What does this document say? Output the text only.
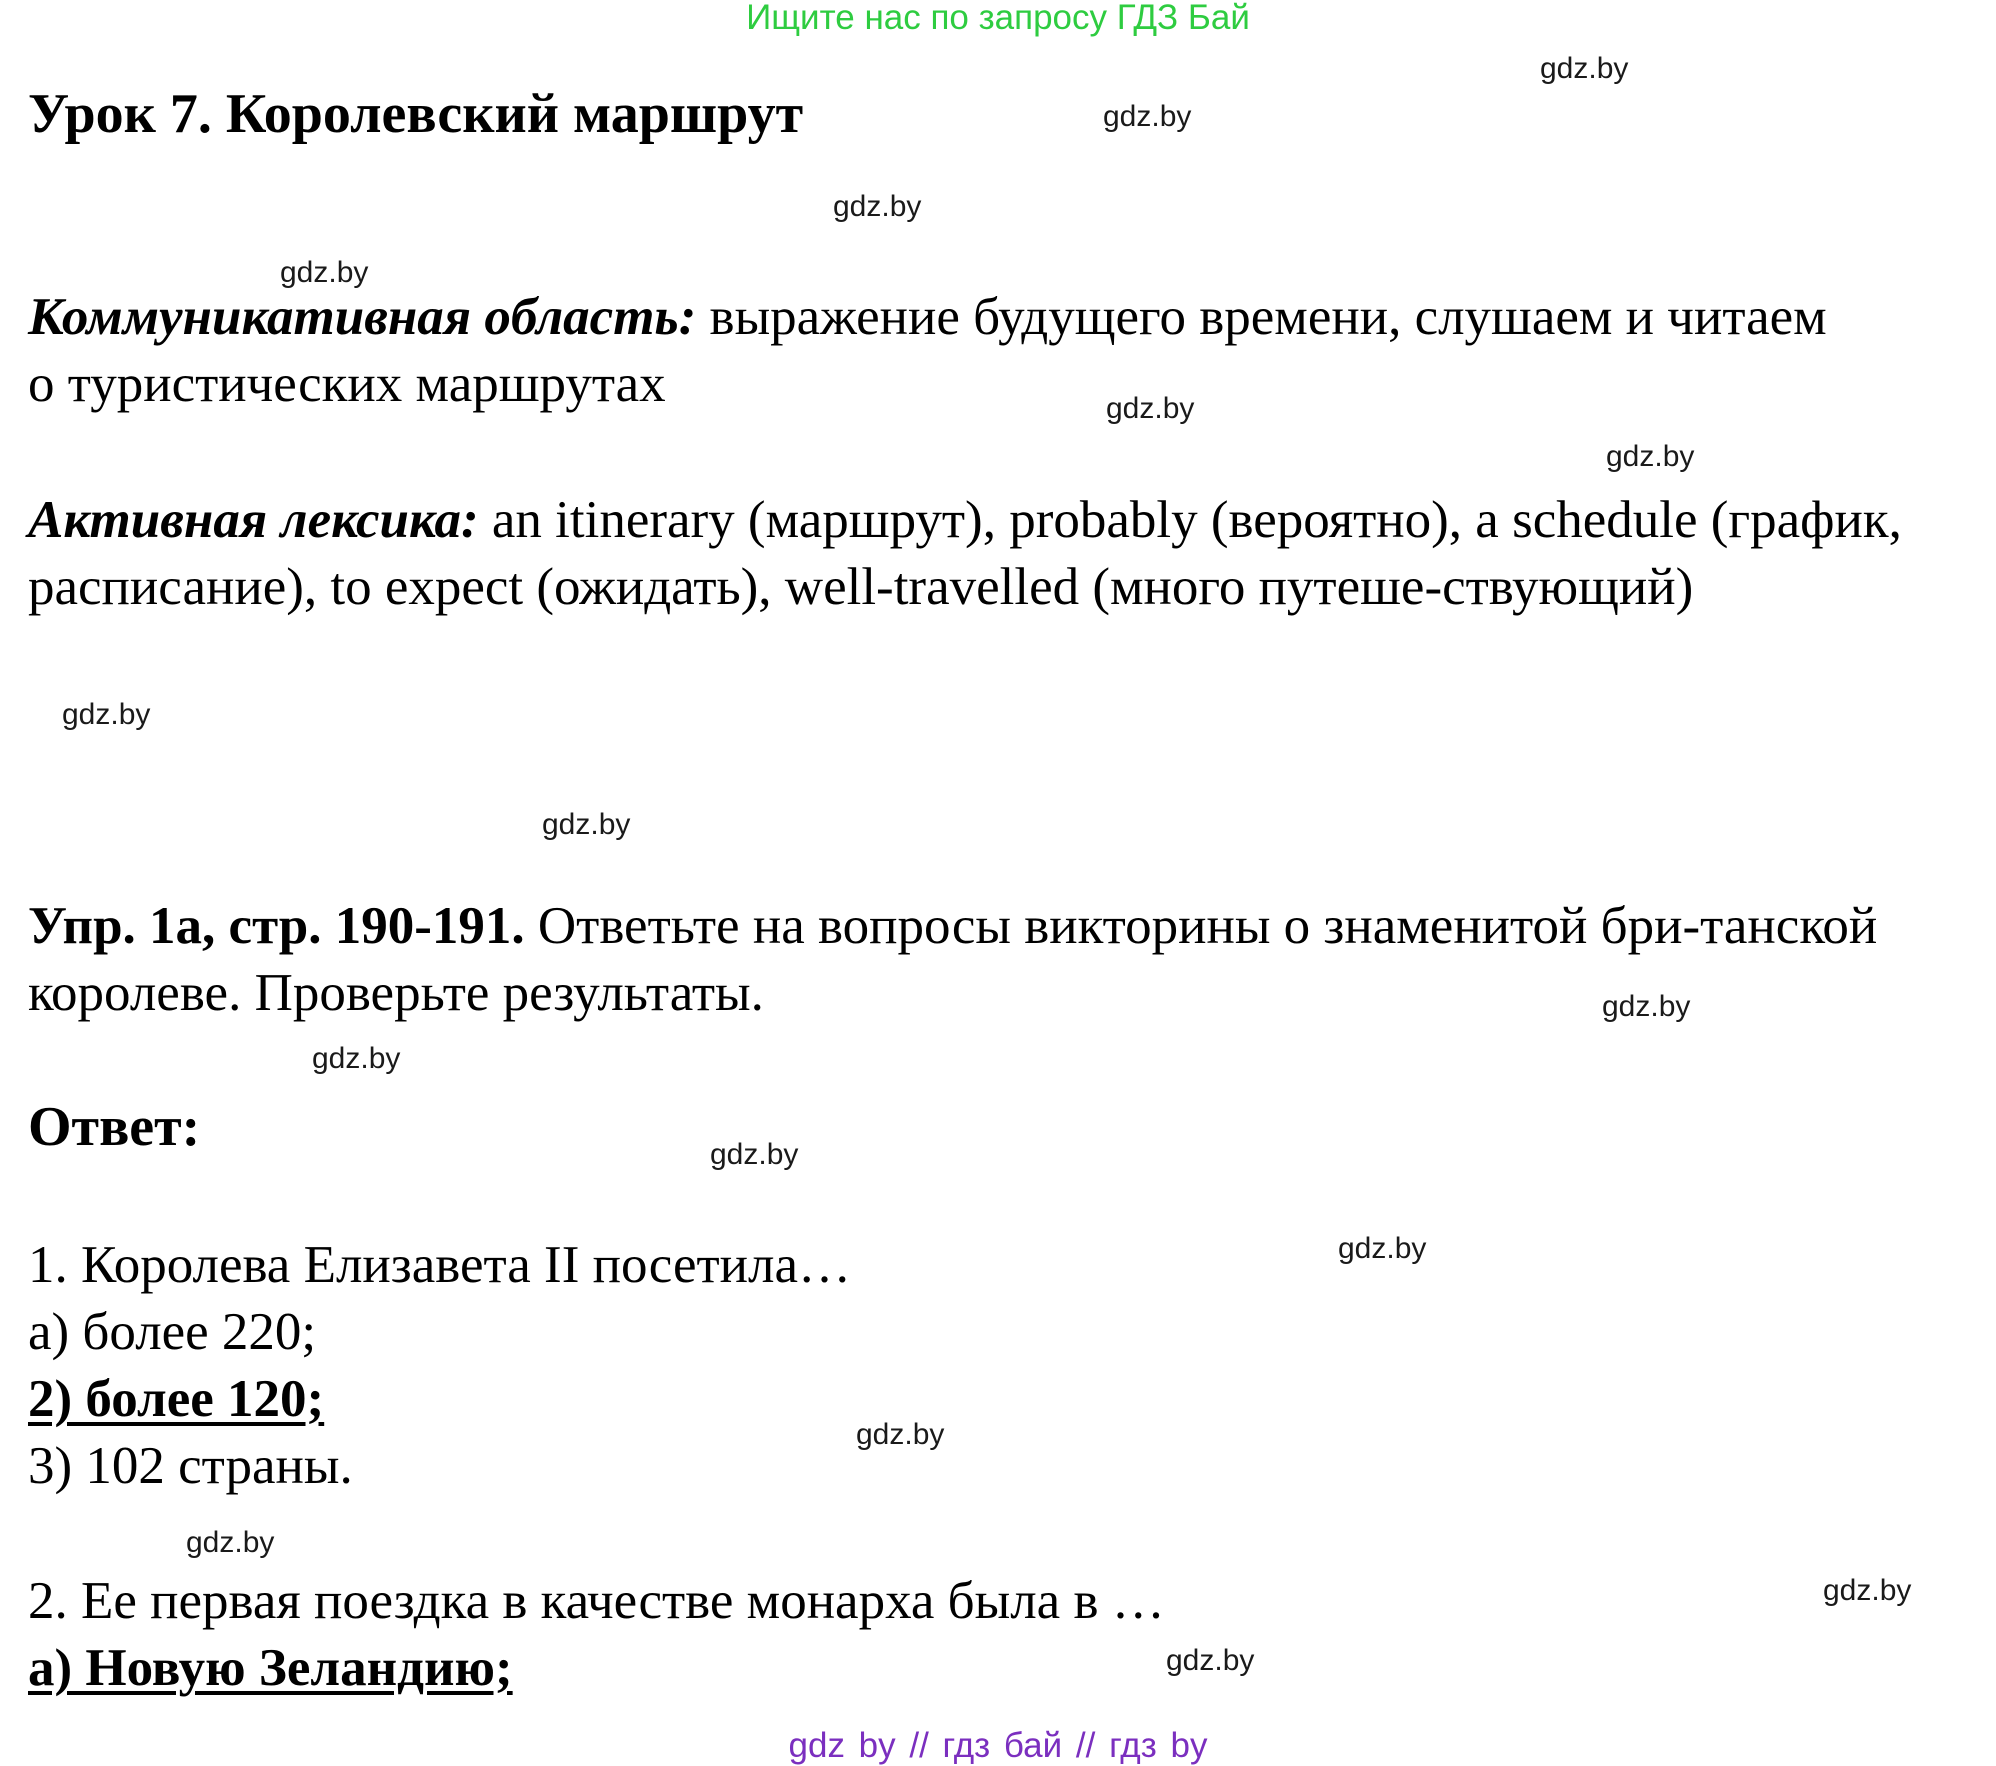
Ищите нас по запросу ГДЗ Бай
gdz.by
gdz.by
gdz.by
gdz.by
gdz.by
gdz.by
gdz.by
gdz.by
gdz.by
gdz.by
gdz.by
gdz.by
gdz.by
gdz.by
gdz.by
gdz.by
Урок 7. Королевский маршрут
Коммуникативная область: выражение будущего времени, слушаем и читаем о туристических маршрутах
Активная лексика: an itinerary (маршрут), probably (вероятно), a schedule (график, расписание), to expect (ожидать), well-travelled (много путеше-ствующий)
Упр. 1а, стр. 190-191. Ответьте на вопросы викторины о знаменитой бри-танской королеве. Проверьте результаты.
Ответ:
1. Королева Елизавета II посетила…
а) более 220;
2) более 120;
3) 102 страны.
2. Ее первая поездка в качестве монарха была в …
а) Новую Зеландию;
gdz by // гдз бай // гдз by
